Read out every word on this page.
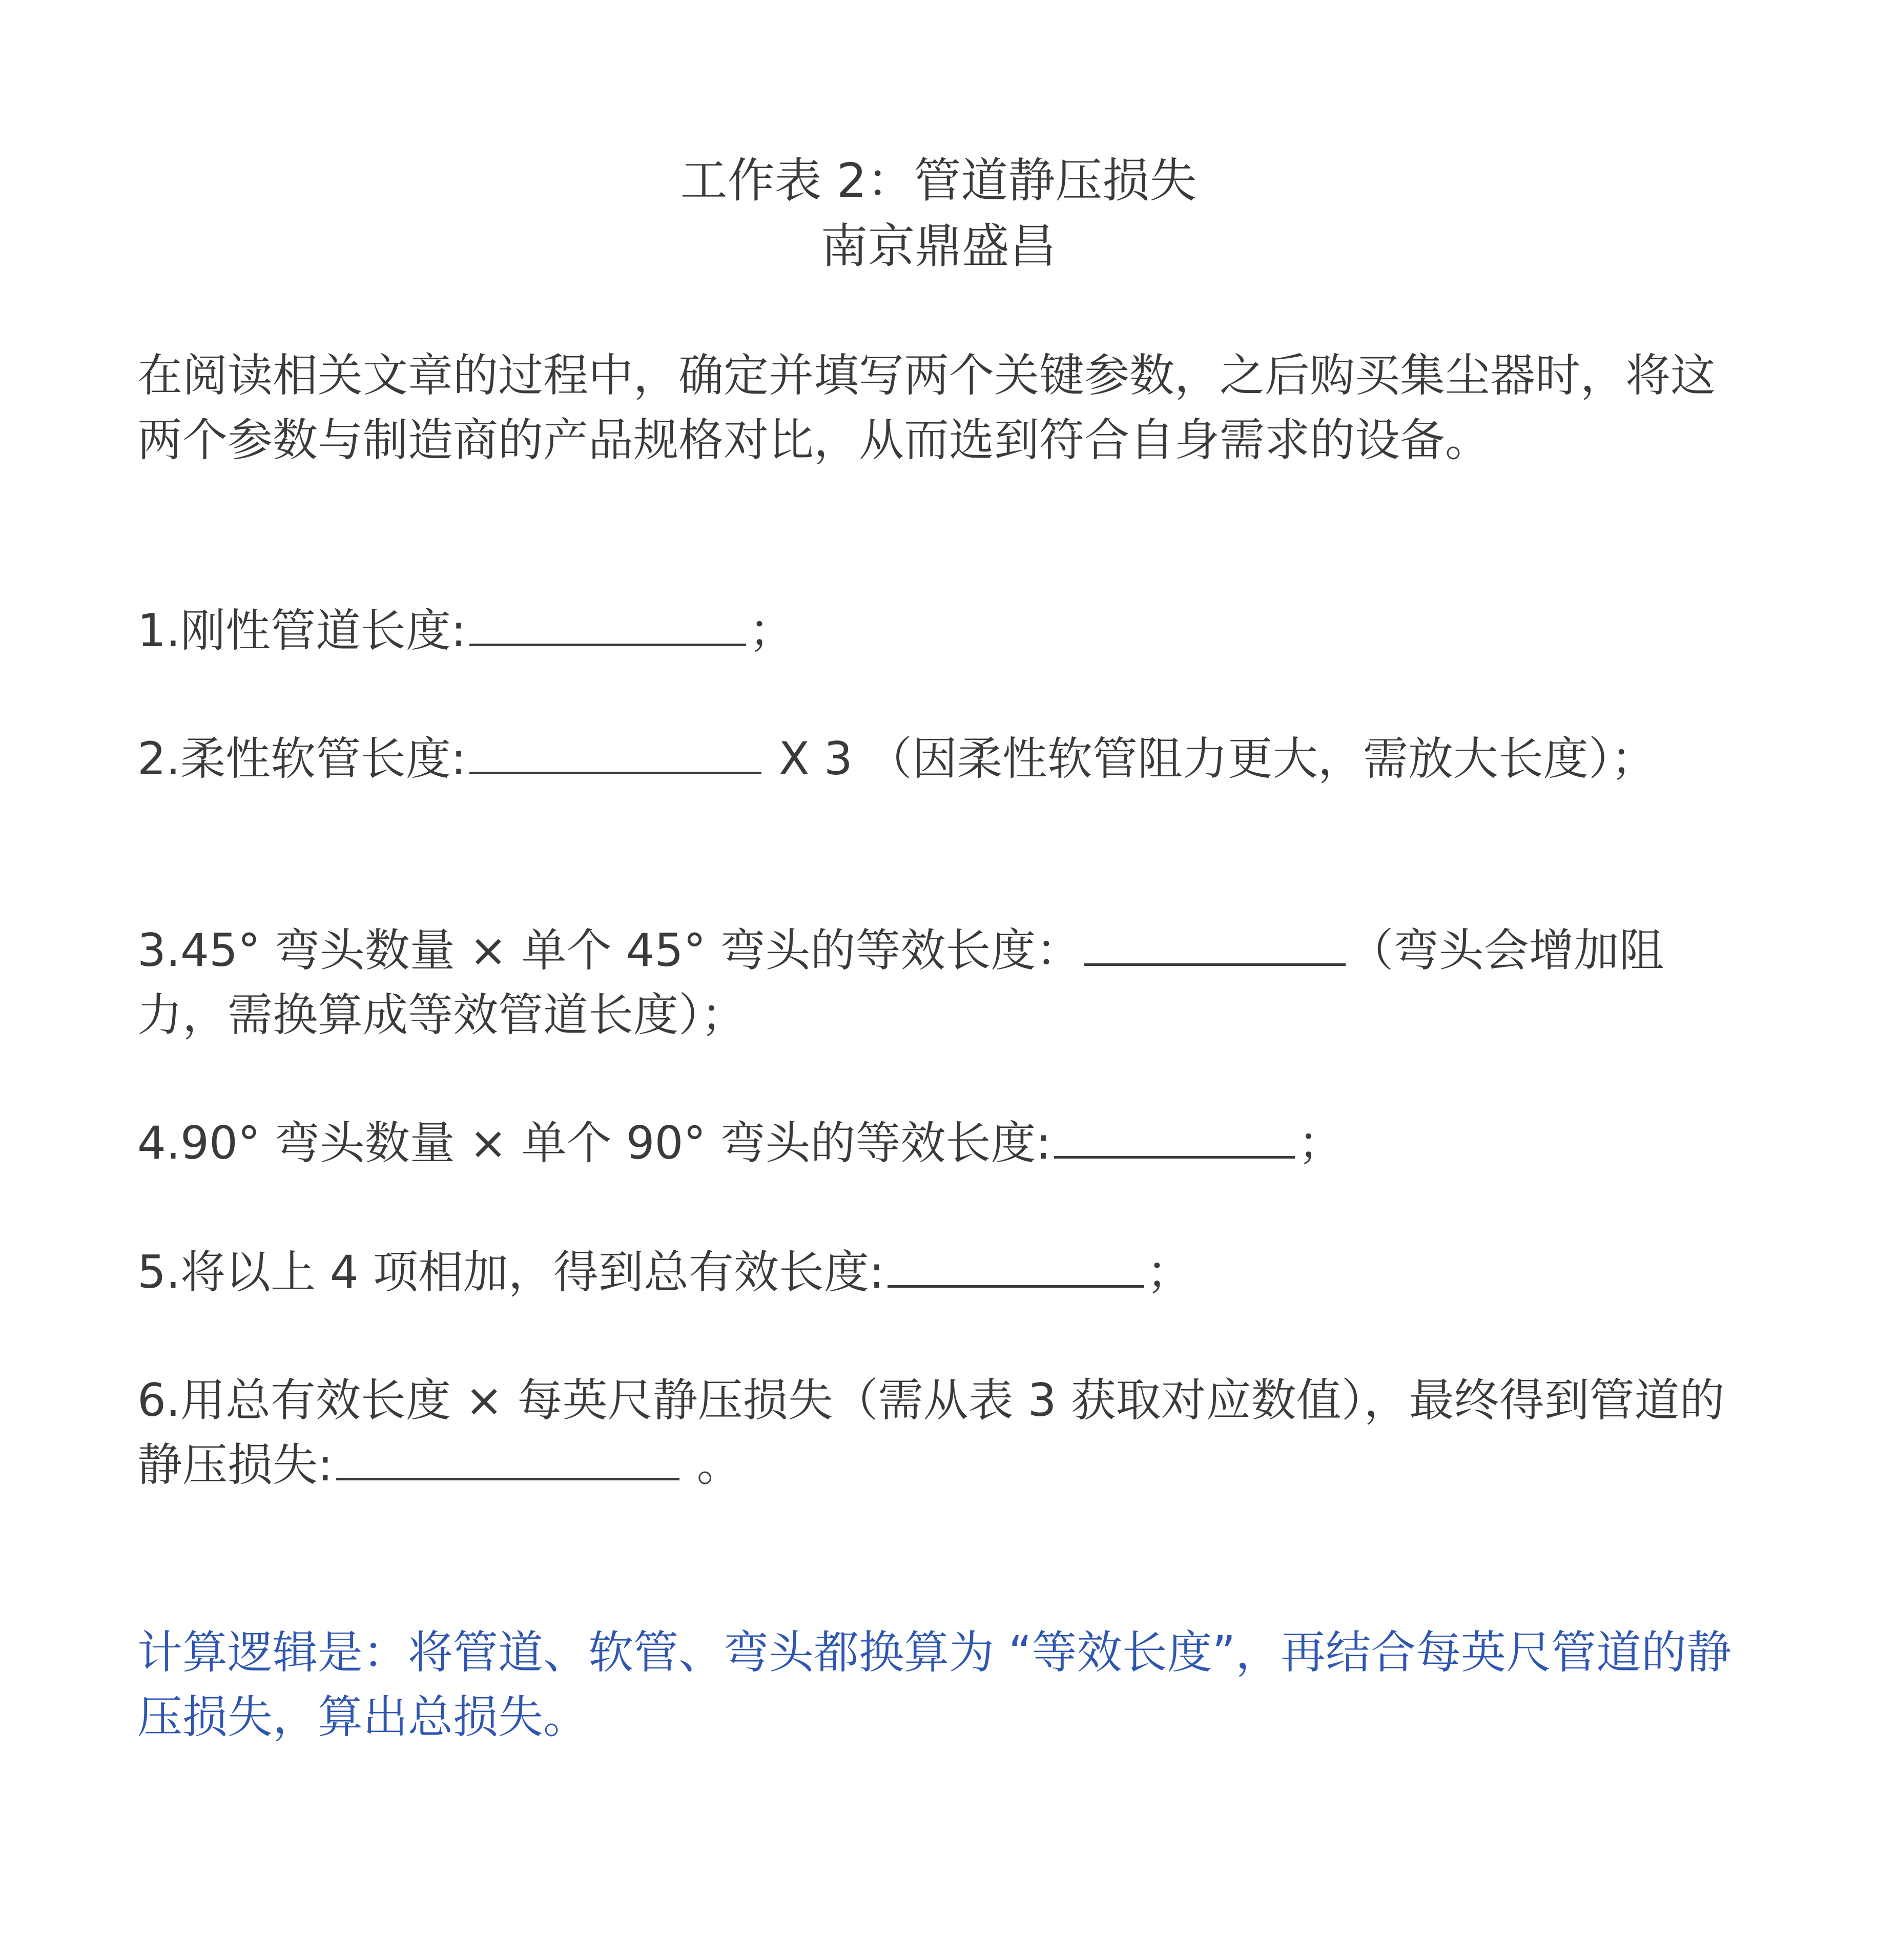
工作表 2：管道静压损失
南京鼎盛昌

在阅读相关文章的过程中，确定并填写两个关键参数，之后购买集尘器时，将这两个参数与制造商的产品规格对比，从而选到符合自身需求的设备。

1.刚性管道长度:	；

2.柔性软管长度:	X 3 （因柔性软管阻力更大，需放大长度）；

3.45° 弯头数量 × 单个 45° 弯头的等效长度：	（弯头会增加阻力，需换算成等效管道长度）；

4.90° 弯头数量 × 单个 90° 弯头的等效长度:	；

5.将以上 4 项相加，得到总有效长度:	；

6.用总有效长度 × 每英尺静压损失（需从表 3 获取对应数值），最终得到管道的静压损失:	。

计算逻辑是：将管道、软管、弯头都换算为 “等效长度”，再结合每英尺管道的静压损失，算出总损失。
